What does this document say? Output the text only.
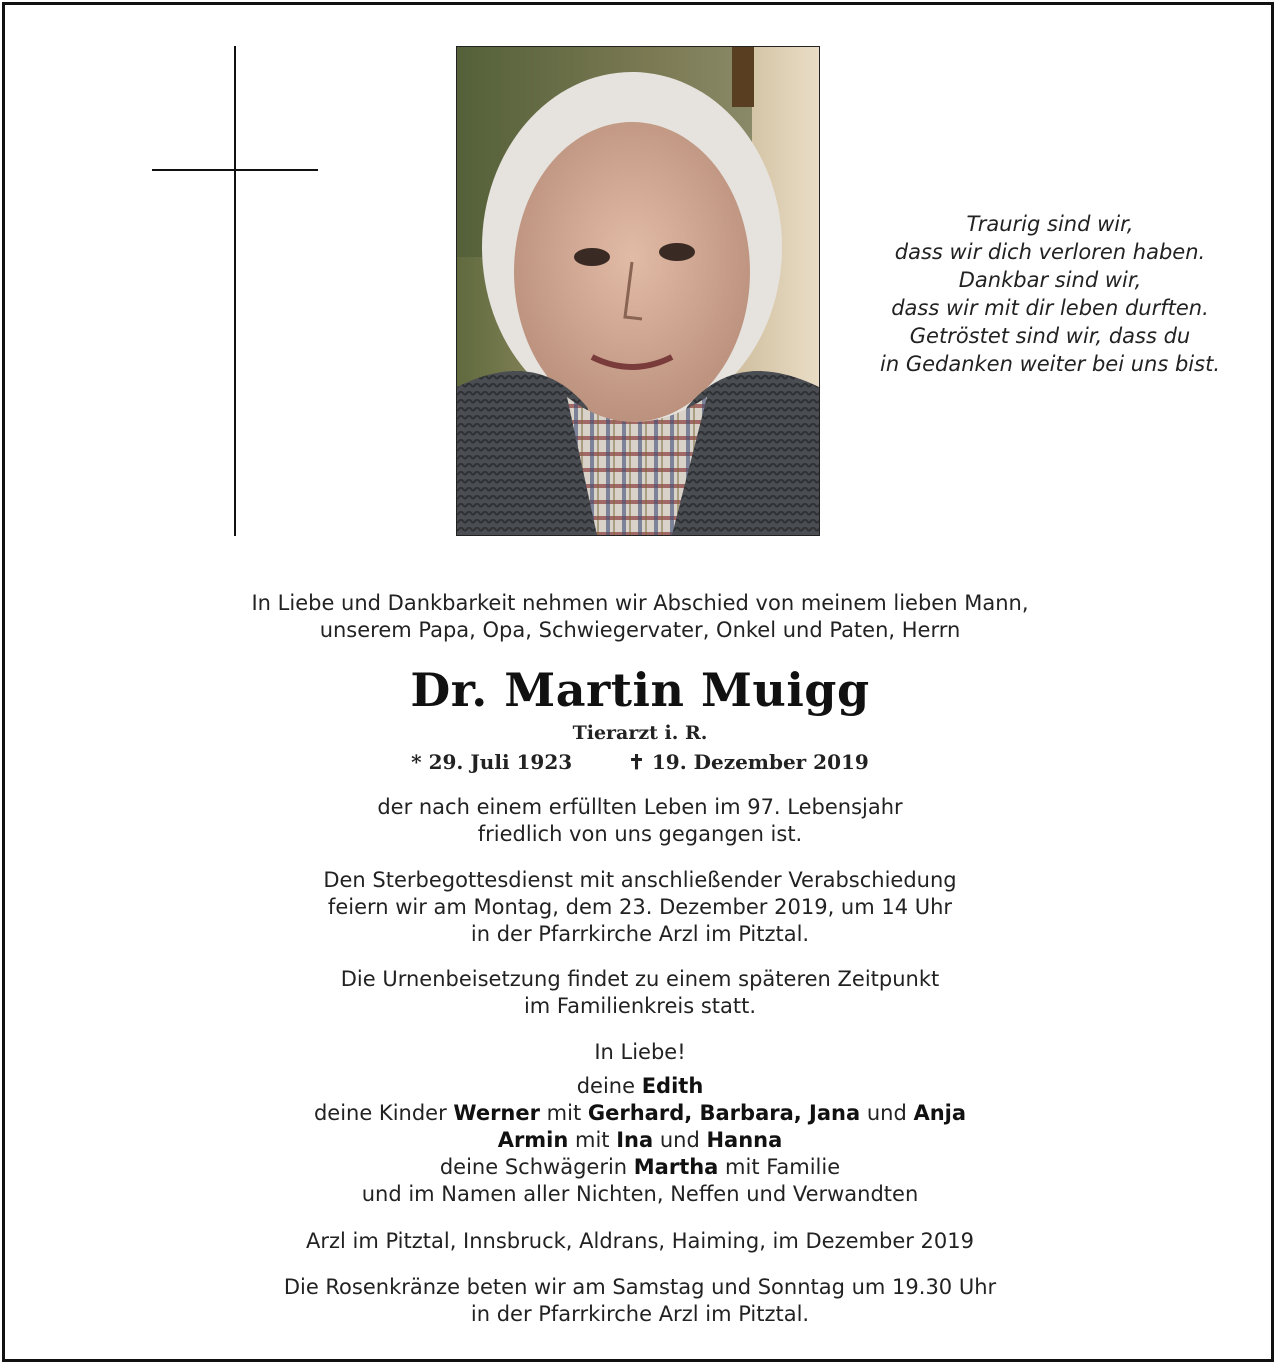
Traurig sind wir,
dass wir dich verloren haben.
Dankbar sind wir,
dass wir mit dir leben durften.
Getröstet sind wir, dass du
in Gedanken weiter bei uns bist.
In Liebe und Dankbarkeit nehmen wir Abschied von meinem lieben Mann,
unserem Papa, Opa, Schwiegervater, Onkel und Paten, Herrn
Dr. Martin Muigg
Tierarzt i. R.
* 29. Juli 1923	✝ 19. Dezember 2019
der nach einem erfüllten Leben im 97. Lebensjahr
friedlich von uns gegangen ist.
Den Sterbegottesdienst mit anschließender Verabschiedung
feiern wir am Montag, dem 23. Dezember 2019, um 14 Uhr
in der Pfarrkirche Arzl im Pitztal.
Die Urnenbeisetzung findet zu einem späteren Zeitpunkt
im Familienkreis statt.
In Liebe!
deine Edith
deine Kinder Werner mit Gerhard, Barbara, Jana und Anja
Armin mit Ina und Hanna
deine Schwägerin Martha mit Familie
und im Namen aller Nichten, Neffen und Verwandten
Arzl im Pitztal, Innsbruck, Aldrans, Haiming, im Dezember 2019
Die Rosenkränze beten wir am Samstag und Sonntag um 19.30 Uhr
in der Pfarrkirche Arzl im Pitztal.
